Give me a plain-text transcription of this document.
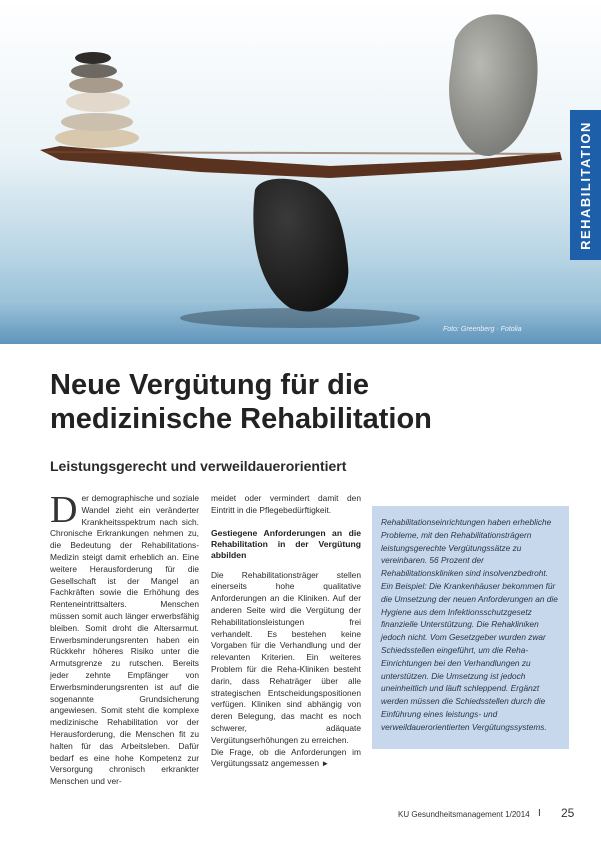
Foto: Greenberg · Fotolia
REHABILITATION
Neue Vergütung für die
medizinische Rehabilitation
Leistungsgerecht und verweildauerorientiert
D er demographische und soziale Wandel zieht ein veränderter Krankheitsspektrum nach sich. Chronische Erkrankungen nehmen zu, die Bedeutung der Rehabilitations-Medizin steigt damit erheblich an. Eine weitere Herausforderung für die Gesellschaft ist der Mangel an Fachkräften sowie die Erhöhung des Renteneintrittsalters. Menschen müssen somit auch länger erwerbsfähig bleiben. Somit droht die Altersarmut. Erwerbsminderungsrenten haben ein Rückkehr höheres Risiko unter die Armutsgrenze zu rutschen. Bereits jeder zehnte Empfänger von Erwerbsminderungsrenten ist auf die sogenannte Grundsicherung angewiesen. Somit steht die komplexe medizinische Rehabilitation vor der Herausforderung, die Menschen fit zu halten für das Arbeitsleben. Dafür bedarf es eine hohe Kompetenz zur Versorgung chronisch erkrankter Menschen und ver-

meidet oder vermindert damit den Eintritt in die Pflegebedürftigkeit.

Gestiegene Anforderungen an die Rehabilitation in der Vergütung abbilden

Die Rehabilitationsträger stellen einerseits hohe qualitative Anforderungen an die Kliniken. Auf der anderen Seite wird die Vergütung der Rehabilitationsleistungen frei verhandelt. Es bestehen keine Vorgaben für die Verhandlung und der relevanten Kriterien. Ein weiteres Problem für die Reha-Kliniken besteht darin, dass Rehaträger über alle strategischen Entscheidungspositionen verfügen. Kliniken sind abhängig von deren Belegung, das macht es noch schwerer, adäquate Vergütungserhöhungen zu erreichen.

Die Frage, ob die Anforderungen im Vergütungssatz angemessen ►

Rehabilitationseinrichtungen haben erhebliche Probleme, mit den Rehabilitationsträgern leistungsgerechte Vergütungssätze zu vereinbaren. 56 Prozent der Rehabilitationskliniken sind insolvenzbedroht. Ein Beispiel: Die Krankenhäuser bekommen für die Umsetzung der neuen Anforderungen an die Hygiene aus dem Infektionsschutzgesetz finanzielle Unterstützung. Die Rehakliniken jedoch nicht. Vom Gesetzgeber wurden zwar Schiedsstellen eingeführt, um die Reha-Einrichtungen bei den Verhandlungen zu unterstützen. Die Umsetzung ist jedoch uneinheitlich und läuft schleppend. Ergänzt werden müssen die Schiedsstellen durch die Einführung eines leistungs- und verweildauerorientierten Vergütungssystems.

KU Gesundheitsmanagement 1/2014 I 25
